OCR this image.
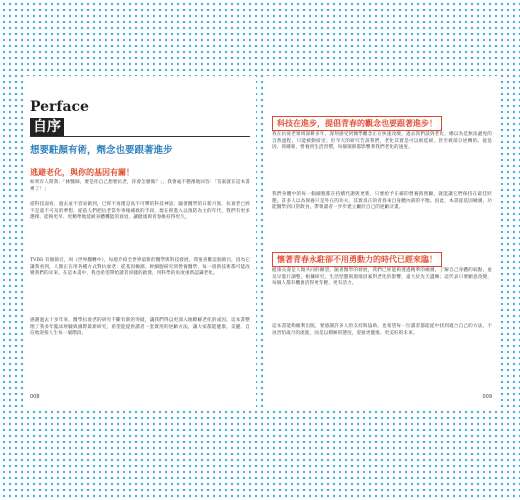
Perface
自序
想要駐顏有術，劑念也要跟著進步
逃避老化，與你的基因有關！

如果有人問我：「林醫師，要是你自己想要抗老，你會怎麼做？」，我會毫不猶豫地回答：「答案就在這本書裡了！」

從科技面看，過去並不容易做到，已經不再僅是高不可攀的科技神話；隨著醫學的日新月異，抗衰老已經不是遙不可及的夢想。從前人們把抗老當作事後補救的手段，現在則進入以預防為主的年代，我們有更多選擇，能夠更早、更精準地延緩身體機能的衰退，讓健康與青春維持得更久。

TVBS 有個節目，叫《世界翻轉中》，每週介紹全世界最新的醫學與科技發展。我很喜歡這個節目，因為它讓我看到，人類正在用各種方式對抗衰老：從基因檢測、幹細胞研究到營養醫學，每一項新技術都可能改變我們的未來。在這本書中，我也希望帶給讀者同樣的啟發，用科學的角度重新認識老化。

感謝過去十多年來，醫學抗衰老的研究不斷有新的突破，讓我們得以更深入地瞭解老化的成因。這本書整理了我多年臨床經驗與國際最新研究，希望能提供讀者一套實用的逆齡方法，讓大家都能健康、美麗、自信地迎接人生每一個階段。

008
科技在進步，提倡青春的觀念也要跟著進步！

我在抗衰老領域深耕多年，深刻感受到醫學觀念正在快速改變。過去我們談到老化，總以為是無法避免的自然過程，只能被動接受；但今天的研究告訴我們，老化其實是可以被延緩、甚至被部分逆轉的。從基因、荷爾蒙、營養到生活習慣，每個環節都影響著我們老化的速度。

我們身體中的每一個細胞都在持續代謝與更新，只要給予正確的營養與照顧，就能讓它們保持在最佳狀態。許多人以為保養只是外在的功夫，其實真正的青春來自身體內部的平衡。因此，本書從基因檢測、功能醫學到日常飲食，帶領讀者一步步建立屬於自己的逆齡計畫。

懷著青春永駐卻不用勇動力的時代已經來臨！

健康長壽是人類共同的願望。隨著醫學的發展，我們已經能夠透過精準的檢測，了解自己身體的弱點，並及早進行調整。根據研究，生活型態與環境因素對老化的影響，遠大於先天遺傳；這代表只要願意改變，每個人都有機會活得更年輕、更有活力。

這本書能夠順利出版，要感謝許多人的支持與協助。也希望每一位讀者都能從中找到適合自己的方法，不再害怕歲月的流逝，而是以積極的態度，迎接更健康、更美好的未來。

009
